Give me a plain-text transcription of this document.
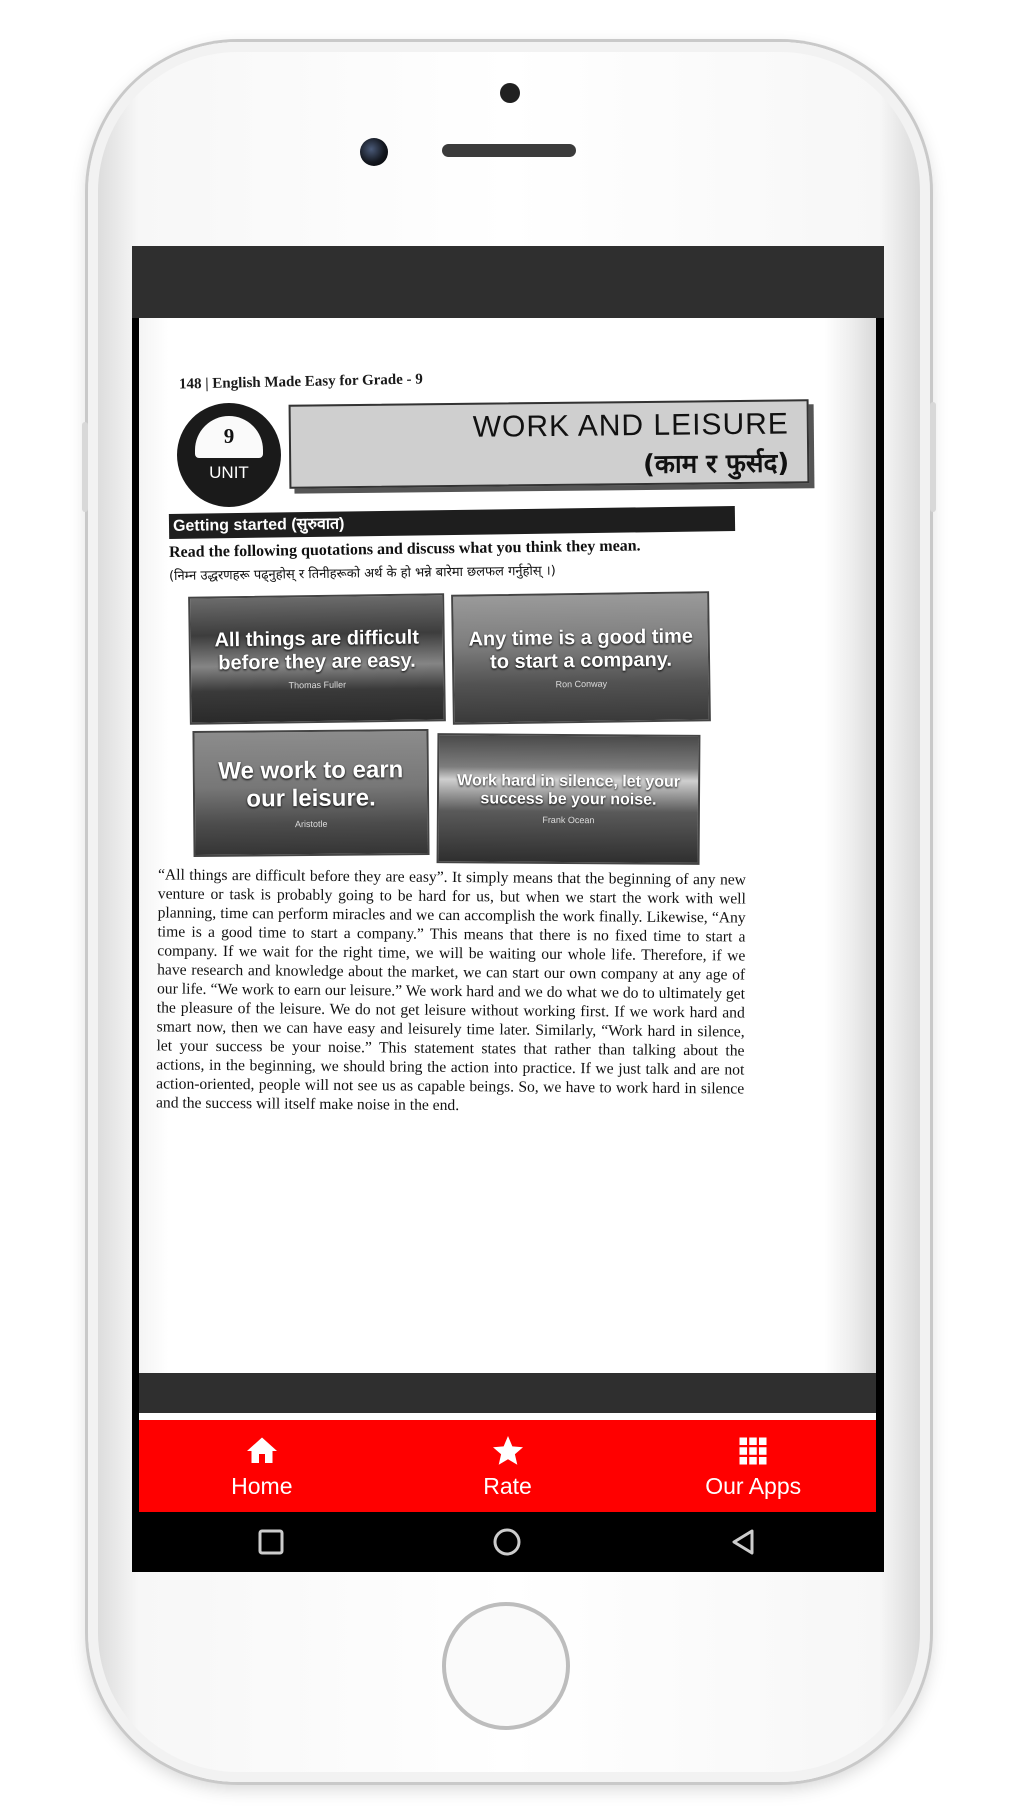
148 | English Made Easy for Grade - 9
9
UNIT
WORK AND LEISURE
(काम र फुर्सद)
Getting started (सुरुवात)
Read the following quotations and discuss what you think they mean.
(निम्न उद्धरणहरू पढ्नुहोस् र तिनीहरूको अर्थ के हो भन्ने बारेमा छलफल गर्नुहोस् ।)
All things are difficult before they are easy.
Thomas Fuller
Any time is a good time to start a company.
Ron Conway
We work to earn our leisure.
Aristotle
Work hard in silence, let your success be your noise.
Frank Ocean
“All things are difficult before they are easy”. It simply means that the beginning of any new venture or task is probably going to be hard for us, but when we start the work with well planning, time can perform miracles and we can accomplish the work finally. Likewise, “Any time is a good time to start a company.” This means that there is no fixed time to start a company. If we wait for the right time, we will be waiting our whole life. Therefore, if we have research and knowledge about the market, we can start our own company at any age of our life. “We work to earn our leisure.” We work hard and we do what we do to ultimately get the pleasure of the leisure. We do not get leisure without working first. If we work hard and smart now, then we can have easy and leisurely time later. Similarly, “Work hard in silence, let your success be your noise.” This statement states that rather than talking about the actions, in the beginning, we should bring the action into practice. If we just talk and are not action-oriented, people will not see us as capable beings. So, we have to work hard in silence and the success will itself make noise in the end.
Home	Rate	Our Apps
